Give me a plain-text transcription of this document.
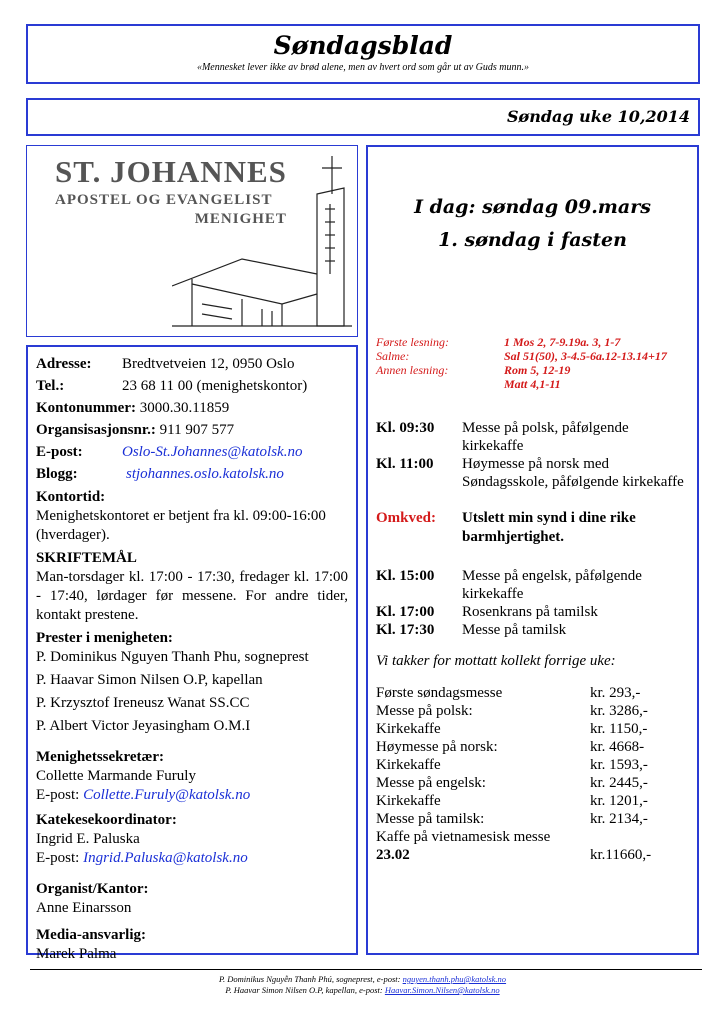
Søndagsblad
«Mennesket lever ikke av brød alene, men av hvert ord som går ut av Guds munn.»
Søndag uke 10,2014
ST. JOHANNES
APOSTEL OG EVANGELIST
MENIGHET
Adresse: Bredtvetveien 12, 0950 Oslo
Tel.:	23 68 11 00 (menighetskontor)
Kontonummer: 3000.30.11859
Organsisasjonsnr.: 911 907 577
E-post:	Oslo-St.Johannes@katolsk.no
Blogg:	stjohannes.oslo.katolsk.no
Kontortid:
Menighetskontoret er betjent fra kl. 09:00-16:00 (hverdager).
SKRIFTEMÅL
Man-torsdager kl. 17:00 - 17:30, fredager kl. 17:00 - 17:40, lørdager før messene. For andre tider, kontakt prestene.
Prester i menigheten:
P. Dominikus Nguyen Thanh Phu, sogneprest
P. Haavar Simon Nilsen O.P, kapellan
P. Krzysztof Ireneusz Wanat SS.CC
P. Albert Victor Jeyasingham O.M.I
Menighetssekretær:
Collette Marmande Furuly
E-post: Collette.Furuly@katolsk.no
Katekesekoordinator:
Ingrid E. Paluska
E-post: Ingrid.Paluska@katolsk.no
Organist/Kantor:
Anne Einarsson
Media-ansvarlig:
Marek Palma
I dag: søndag 09.mars
1. søndag i fasten
Første lesning:	1 Mos 2, 7-9.19a. 3, 1-7
Salme:	Sal 51(50), 3-4.5-6a.12-13.14+17
Annen lesning:	Rom 5, 12-19
Matt 4,1-11
Kl. 09:30	Messe på polsk, påfølgende kirkekaffe
Kl. 11:00	Høymesse på norsk med Søndagsskole, påfølgende kirkekaffe
Omkved:	Utslett min synd i dine rike barmhjertighet.
Kl. 15:00	Messe på engelsk, påfølgende kirkekaffe
Kl. 17:00	Rosenkrans på tamilsk
Kl. 17:30	Messe på tamilsk
Vi takker for mottatt kollekt forrige uke:
Første søndagsmesse	kr. 293,-
Messe på polsk:	kr. 3286,-
Kirkekaffe	kr. 1150,-
Høymesse på norsk:	kr. 4668-
Kirkekaffe	kr. 1593,-
Messe på engelsk:	kr. 2445,-
Kirkekaffe	kr. 1201,-
Messe på tamilsk:	kr. 2134,-
Kaffe på vietnamesisk messe
23.02	kr.11660,-
P. Dominikus Nguyễn Thanh Phú, sogneprest, e-post: nguyen.thanh.phu@katolsk.no
P. Haavar Simon Nilsen O.P, kapellan, e-post: Haavar.Simon.Nilsen@katolsk.no
